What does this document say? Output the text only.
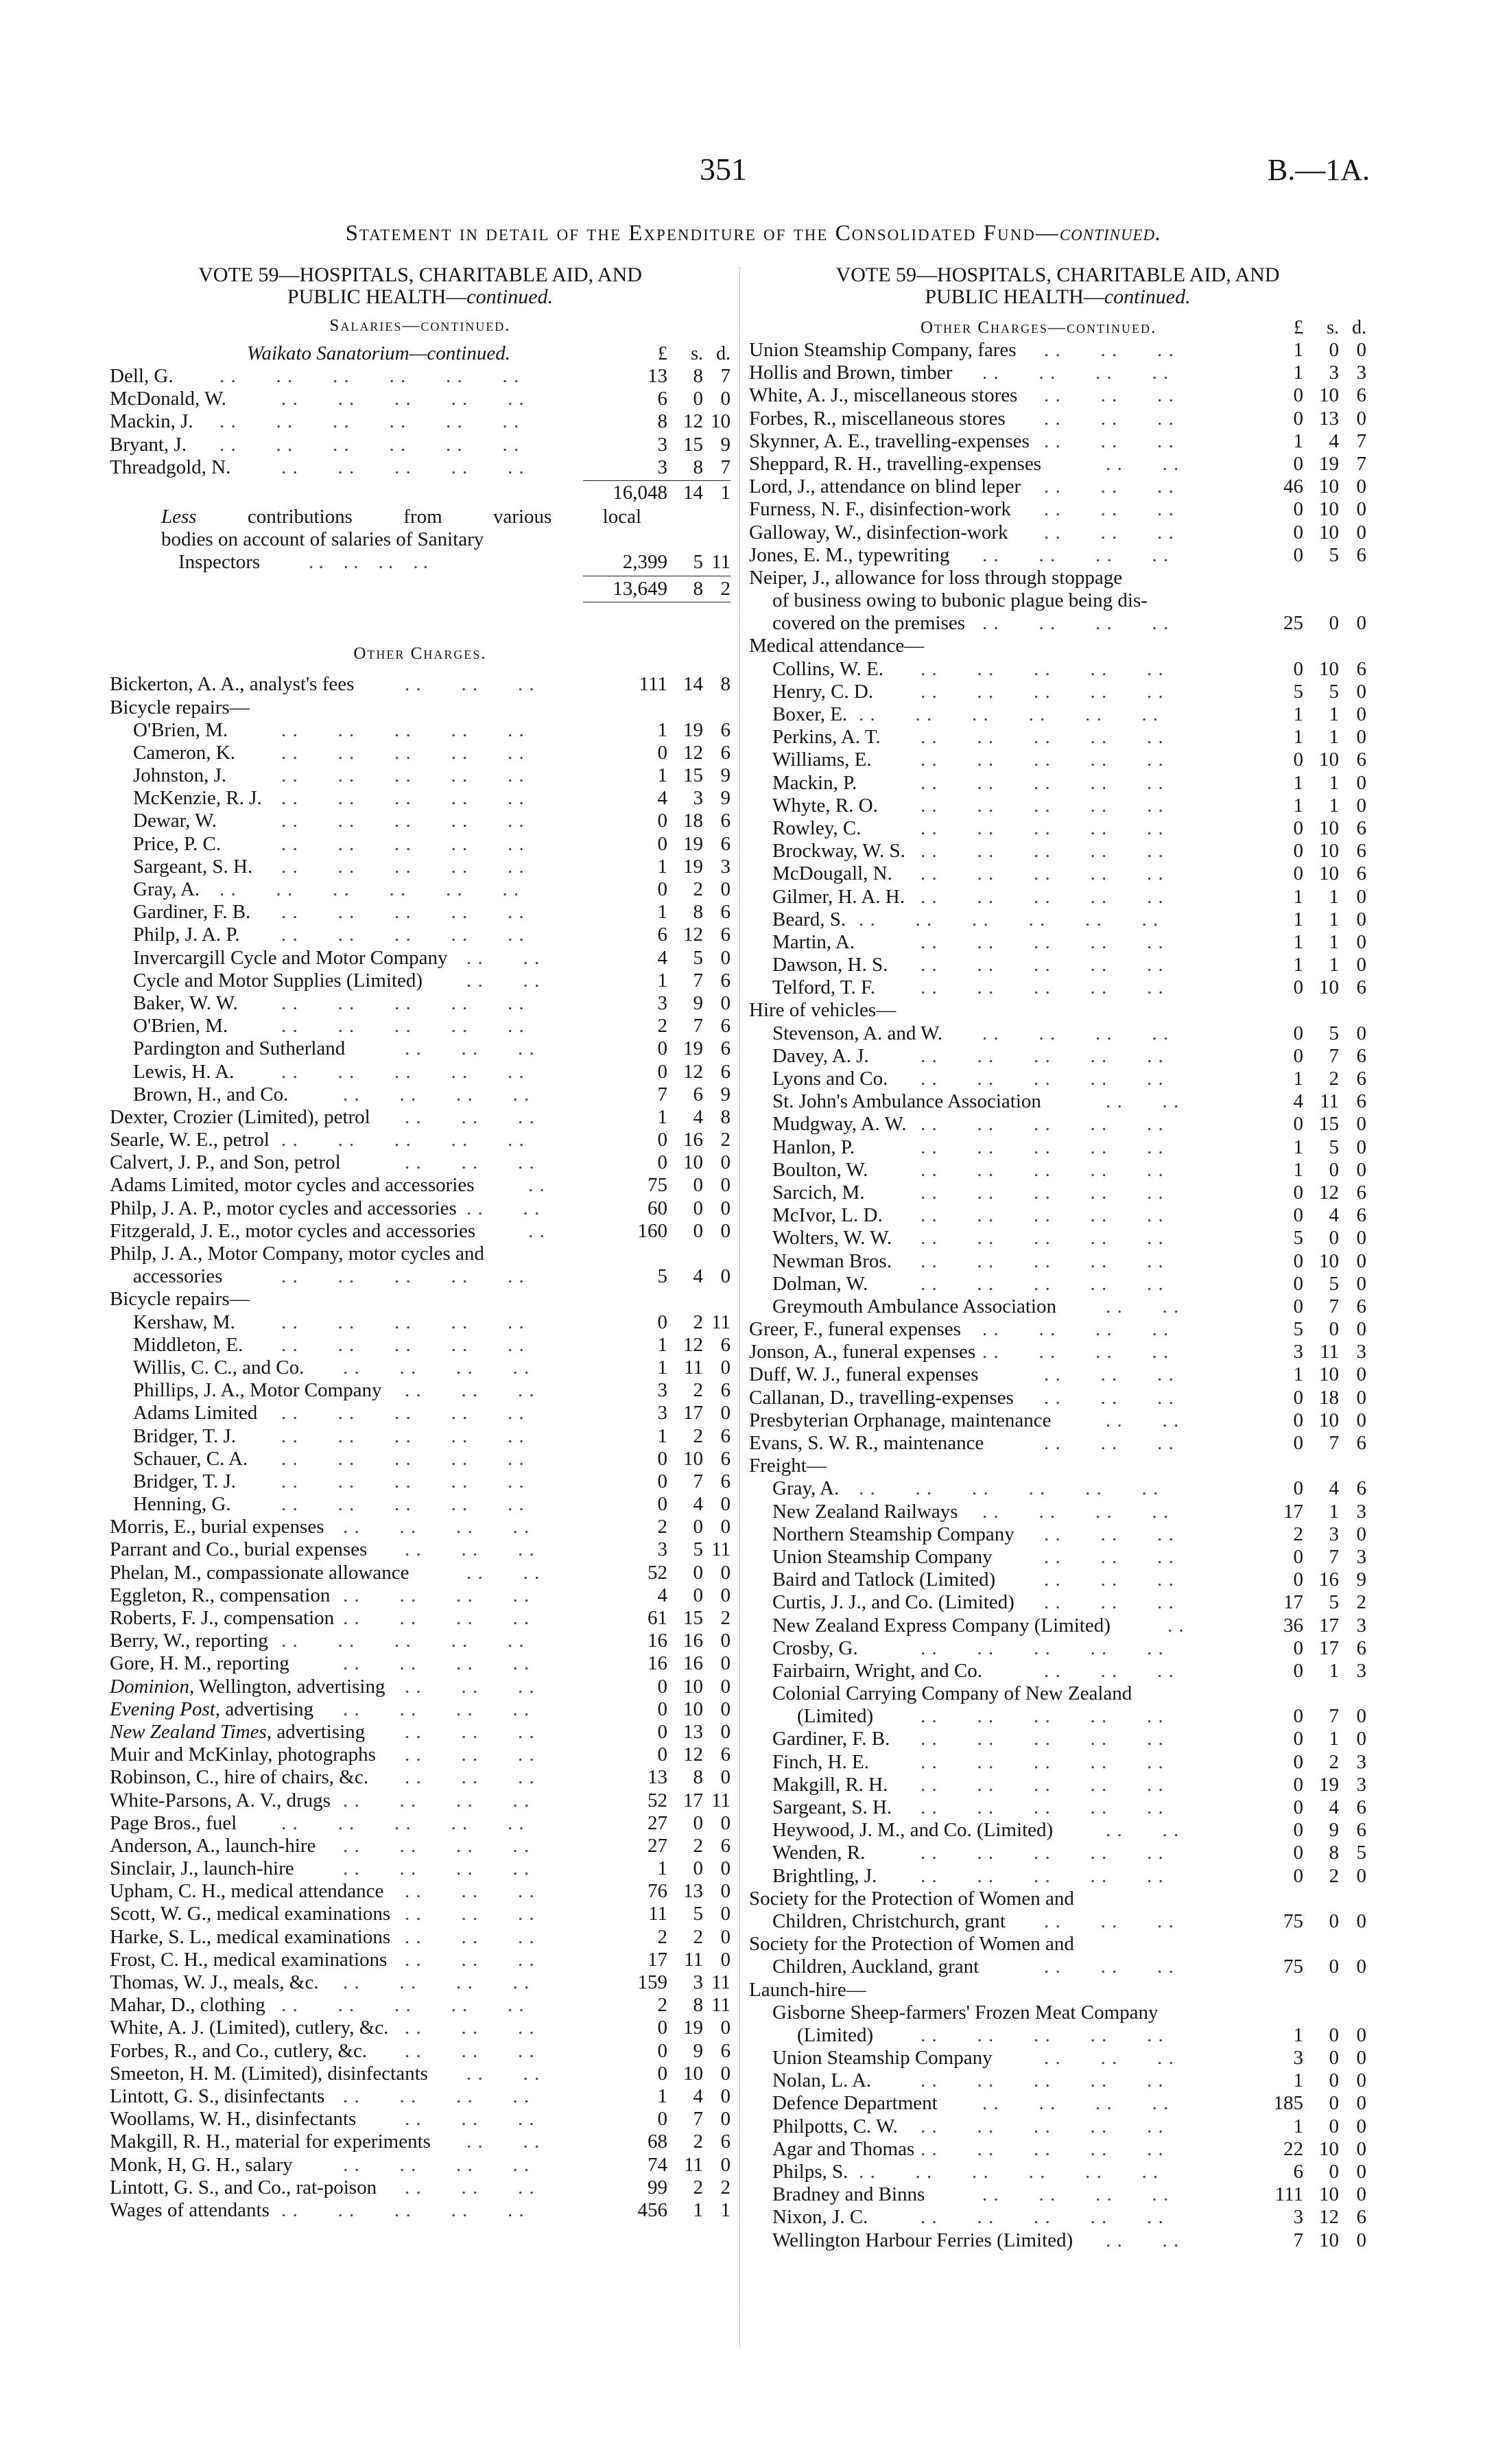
351	B.—1A.
Statement in detail of the Expenditure of the Consolidated Fund—continued.
VOTE 59—HOSPITALS, CHARITABLE AID, AND
PUBLIC HEALTH—continued.
Salaries—continued.
Waikato Sanatorium—continued.	£	s. d.
Dell, G. . .       . .       . .       . .       . .       . .	13	8 7
McDonald, W.	. .       . .       . .       . .       . .	6	0 0
Mackin, J. . .       . .       . .       . .       . .       . .	8 12 10
Bryant, J. . .       . .       . .       . .       . .       . .	3 15 9
Threadgold, N.	. .       . .       . .       . .       . .	3	8 7
16,048 14 1
Less	contributions from various local
bodies on account of salaries of Sanitary
Inspectors . .    . .    . .    . .	2,399	5 11
13,649	8 2
Other Charges.
Bickerton, A. A., analyst's fees	. .       . .       . .	111 14 8
Bicycle repairs—
O'Brien, M.	. .       . .       . .       . .       . .	1 19 6
Cameron, K. . .       . .       . .       . .       . .	0 12 6
Johnston, J.	. .       . .       . .       . .       . .	1 15 9
McKenzie, R. J. . .       . .       . .       . .       . .	4	3 9
Dewar, W.	. .       . .       . .       . .       . .	0 18 6
Price, P. C.	. .       . .       . .       . .       . .	0 19 6
Sargeant, S. H. . .       . .       . .       . .       . .	1 19 3
Gray, A. . .       . .       . .       . .       . .       . .	0	2 0
Gardiner, F. B. . .       . .       . .       . .       . .	1	8 6
Philp, J. A. P. . .       . .       . .       . .       . .	6 12 6
Invercargill Cycle and Motor Company . .       . .	4	5 0
Cycle and Motor Supplies (Limited) . .       . .	1	7 6
Baker, W. W. . .       . .       . .       . .       . .	3	9 0
O'Brien, M.	. .       . .       . .       . .       . .	2	7 6
Pardington and Sutherland	. .       . .       . .	0 19 6
Lewis, H. A. . .       . .       . .       . .       . .	0 12 6
Brown, H., and Co.	. .       . .       . .       . .	7	6 9
Dexter, Crozier (Limited), petrol . .       . .       . .	1	4 8
Searle, W. E., petrol . .       . .       . .       . .       . .	0 16 2
Calvert, J. P., and Son, petrol	. .       . .       . .	0 10 0
Adams Limited, motor cycles and accessories	. .	75	0 0
Philp, J. A. P., motor cycles and accessories . .       . .	60	0 0
Fitzgerald, J. E., motor cycles and accessories	. .	160	0 0
Philp, J. A., Motor Company, motor cycles and
accessories	. .       . .       . .       . .       . .	5	4 0
Bicycle repairs—
Kershaw, M. . .       . .       . .       . .       . .	0	2 11
Middleton, E. . .       . .       . .       . .       . .	1 12 6
Willis, C. C., and Co. . .       . .       . .       . .	1 11 0
Phillips, J. A., Motor Company . .       . .       . .	3	2 6
Adams Limited . .       . .       . .       . .       . .	3 17 0
Bridger, T. J. . .       . .       . .       . .       . .	1	2 6
Schauer, C. A. . .       . .       . .       . .       . .	0 10 6
Bridger, T. J. . .       . .       . .       . .       . .	0	7 6
Henning, G.	. .       . .       . .       . .       . .	0	4 0
Morris, E., burial expenses . .       . .       . .       . .	2	0 0
Parrant and Co., burial expenses . .       . .       . .	3	5 11
Phelan, M., compassionate allowance	. .       . .	52	0 0
Eggleton, R., compensation . .       . .       . .       . .	4	0 0
Roberts, F. J., compensation . .       . .       . .       . .	61 15 2
Berry, W., reporting . .       . .       . .       . .       . .	16 16 0
Gore, H. M., reporting	. .       . .       . .       . .	16 16 0
Dominion, Wellington, advertising . .       . .       . .	0 10 0
Evening Post, advertising . .       . .       . .       . .	0 10 0
New Zealand Times, advertising . .       . .       . .	0 13 0
Muir and McKinlay, photographs . .       . .       . .	0 12 6
Robinson, C., hire of chairs, &c. . .       . .       . .	13	8 0
White-Parsons, A. V., drugs . .       . .       . .       . .	52 17 11
Page Bros., fuel . .       . .       . .       . .       . .	27	0 0
Anderson, A., launch-hire . .       . .       . .       . .	27	2 6
Sinclair, J., launch-hire . .       . .       . .       . .	1	0 0
Upham, C. H., medical attendance . .       . .       . .	76 13 0
Scott, W. G., medical examinations . .       . .       . .	11	5 0
Harke, S. L., medical examinations . .       . .       . .	2	2 0
Frost, C. H., medical examinations . .       . .       . .	17 11 0
Thomas, W. J., meals, &c. . .       . .       . .       . .	159	3 11
Mahar, D., clothing . .       . .       . .       . .       . .	2	8 11
White, A. J. (Limited), cutlery, &c. . .       . .       . .	0 19 0
Forbes, R., and Co., cutlery, &c. . .       . .       . .	0	9 6
Smeeton, H. M. (Limited), disinfectants . .       . .	0 10 0
Lintott, G. S., disinfectants . .       . .       . .       . .	1	4 0
Woollams, W. H., disinfectants . .       . .       . .	0	7 0
Makgill, R. H., material for experiments . .       . .	68	2 6
Monk, H, G. H., salary	. .       . .       . .       . .	74 11 0
Lintott, G. S., and Co., rat-poison . .       . .       . .	99	2 2
Wages of attendants . .       . .       . .       . .       . .	456	1 1
VOTE 59—HOSPITALS, CHARITABLE AID, AND
PUBLIC HEALTH—continued.
Other Charges—continued.	£	s. d.
Union Steamship Company, fares . .       . .       . .	1	0 0
Hollis and Brown, timber . .       . .       . .       . .	1	3 3
White, A. J., miscellaneous stores . .       . .       . .	0 10 6
Forbes, R., miscellaneous stores . .       . .       . .	0 13 0
Skynner, A. E., travelling-expenses . .       . .       . .	1	4 7
Sheppard, R. H., travelling-expenses	. .       . .	0 19 7
Lord, J., attendance on blind leper . .       . .       . .	46 10 0
Furness, N. F., disinfection-work . .       . .       . .	0 10 0
Galloway, W., disinfection-work . .       . .       . .	0 10 0
Jones, E. M., typewriting . .       . .       . .       . .	0	5 6
Neiper, J., allowance for loss through stoppage
of business owing to bubonic plague being dis-
covered on the premises . .       . .       . .       . .	25	0 0
Medical attendance—
Collins, W. E. . .       . .       . .       . .       . .	0 10 6
Henry, C. D. . .       . .       . .       . .       . .	5	5 0
Boxer, E. . .       . .       . .       . .       . .       . .	1	1 0
Perkins, A. T. . .       . .       . .       . .       . .	1	1 0
Williams, E. . .       . .       . .       . .       . .	0 10 6
Mackin, P.	. .       . .       . .       . .       . .	1	1 0
Whyte, R. O. . .       . .       . .       . .       . .	1	1 0
Rowley, C.	. .       . .       . .       . .       . .	0 10 6
Brockway, W. S. . .       . .       . .       . .       . .	0 10 6
McDougall, N. . .       . .       . .       . .       . .	0 10 6
Gilmer, H. A. H. . .       . .       . .       . .       . .	1	1 0
Beard, S. . .       . .       . .       . .       . .       . .	1	1 0
Martin, A.	. .       . .       . .       . .       . .	1	1 0
Dawson, H. S. . .       . .       . .       . .       . .	1	1 0
Telford, T. F. . .       . .       . .       . .       . .	0 10 6
Hire of vehicles—
Stevenson, A. and W. . .       . .       . .       . .	0	5 0
Davey, A. J.	. .       . .       . .       . .       . .	0	7 6
Lyons and Co. . .       . .       . .       . .       . .	1	2 6
St. John's Ambulance Association	. .       . .	4 11 6
Mudgway, A. W. . .       . .       . .       . .       . .	0 15 0
Hanlon, P.	. .       . .       . .       . .       . .	1	5 0
Boulton, W.	. .       . .       . .       . .       . .	1	0 0
Sarcich, M.	. .       . .       . .       . .       . .	0 12 6
McIvor, L. D. . .       . .       . .       . .       . .	0	4 6
Wolters, W. W. . .       . .       . .       . .       . .	5	0 0
Newman Bros. . .       . .       . .       . .       . .	0 10 0
Dolman, W.	. .       . .       . .       . .       . .	0	5 0
Greymouth Ambulance Association . .       . .	0	7 6
Greer, F., funeral expenses . .       . .       . .       . .	5	0 0
Jonson, A., funeral expenses . .       . .       . .       . .	3 11 3
Duff, W. J., funeral expenses	. .       . .       . .	1 10 0
Callanan, D., travelling-expenses . .       . .       . .	0 18 0
Presbyterian Orphanage, maintenance	. .       . .	0 10 0
Evans, S. W. R., maintenance	. .       . .       . .	0	7 6
Freight—
Gray, A. . .       . .       . .       . .       . .       . .	0	4 6
New Zealand Railways . .       . .       . .       . .	17	1 3
Northern Steamship Company . .       . .       . .	2	3 0
Union Steamship Company	. .       . .       . .	0	7 3
Baird and Tatlock (Limited) . .       . .       . .	0 16 9
Curtis, J. J., and Co. (Limited) . .       . .       . .	17	5 2
New Zealand Express Company (Limited)	. .	36 17 3
Crosby, G.	. .       . .       . .       . .       . .	0 17 6
Fairbairn, Wright, and Co.	. .       . .       . .	0	1 3
Colonial Carrying Company of New Zealand
(Limited) . .       . .       . .       . .       . .	0	7 0
Gardiner, F. B. . .       . .       . .       . .       . .	0	1 0
Finch, H. E.	. .       . .       . .       . .       . .	0	2 3
Makgill, R. H. . .       . .       . .       . .       . .	0 19 3
Sargeant, S. H. . .       . .       . .       . .       . .	0	4 6
Heywood, J. M., and Co. (Limited)	. .       . .	0	9 6
Wenden, R.	. .       . .       . .       . .       . .	0	8 5
Brightling, J. . .       . .       . .       . .       . .	0	2 0
Society for the Protection of Women and
Children, Christchurch, grant . .       . .       . .	75	0 0
Society for the Protection of Women and
Children, Auckland, grant	. .       . .       . .	75	0 0
Launch-hire—
Gisborne Sheep-farmers' Frozen Meat Company
(Limited) . .       . .       . .       . .       . .	1	0 0
Union Steamship Company	. .       . .       . .	3	0 0
Nolan, L. A. . .       . .       . .       . .       . .	1	0 0
Defence Department . .       . .       . .       . .	185	0 0
Philpotts, C. W. . .       . .       . .       . .       . .	1	0 0
Agar and Thomas . .       . .       . .       . .       . .	22 10 0
Philps, S. . .       . .       . .       . .       . .       . .	6	0 0
Bradney and Binns	. .       . .       . .       . .	111 10 0
Nixon, J. C.	. .       . .       . .       . .       . .	3 12 6
Wellington Harbour Ferries (Limited) . .       . .	7 10 0
